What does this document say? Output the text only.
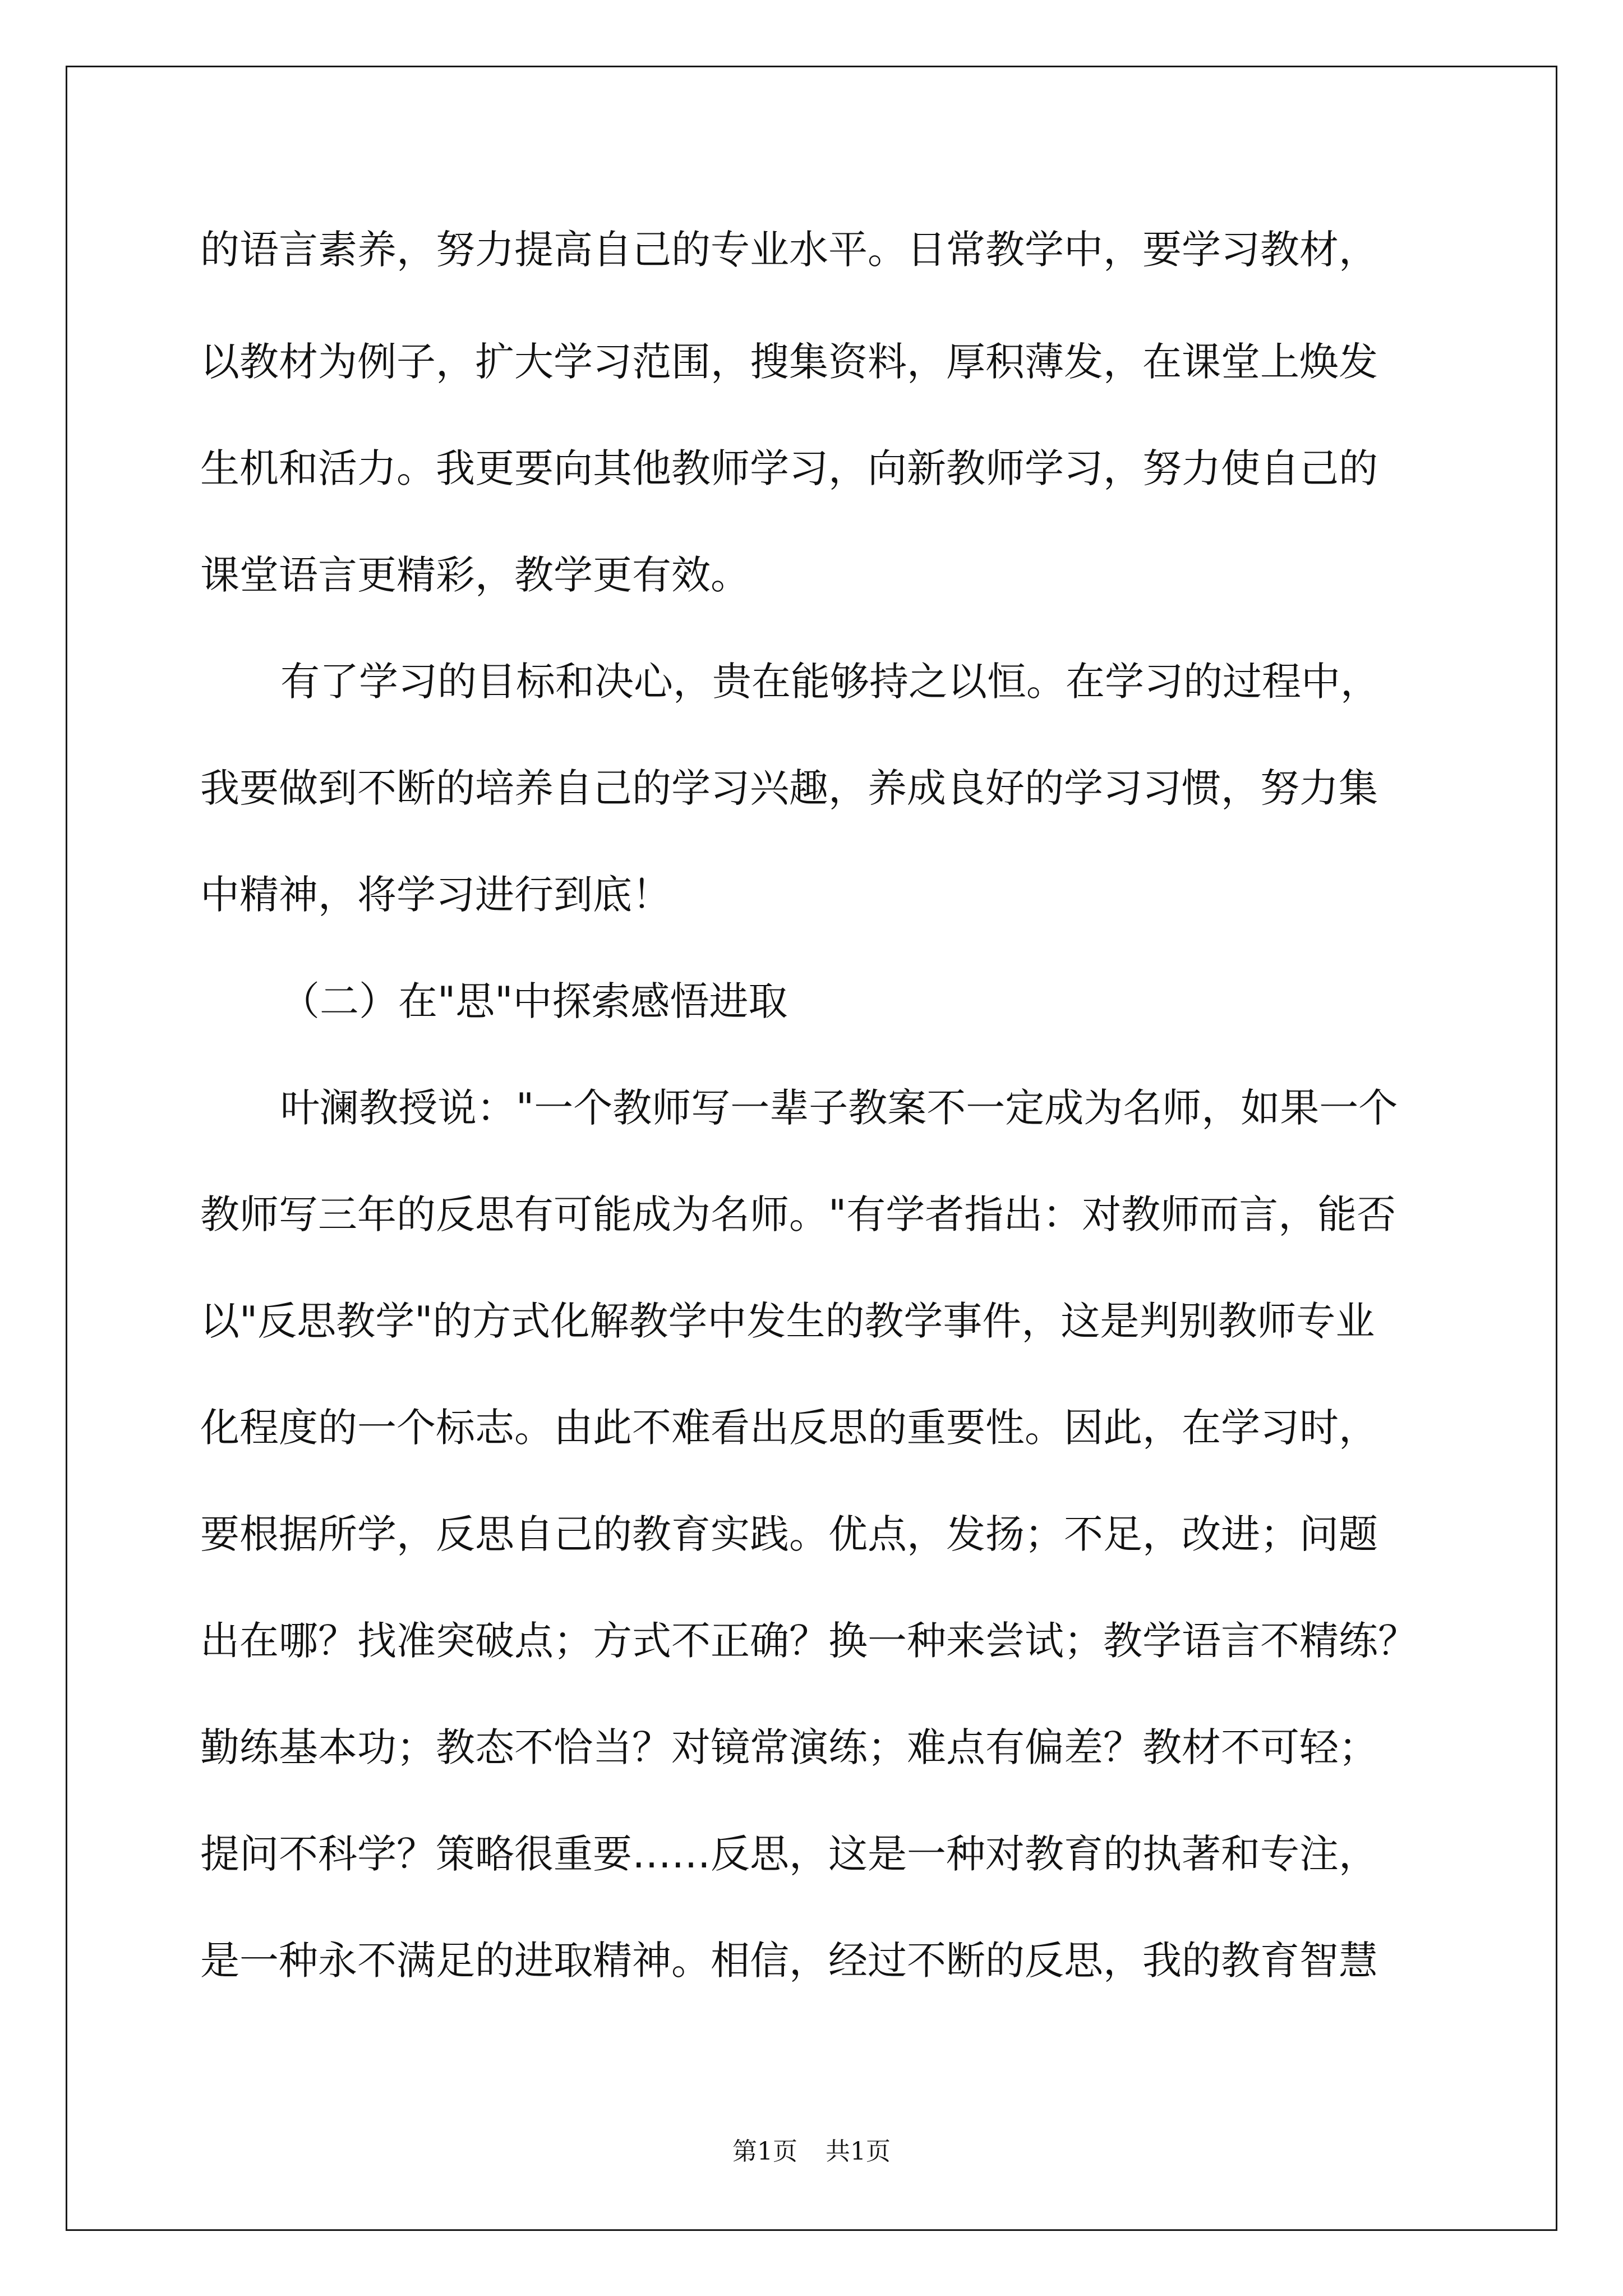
的语言素养，努力提高自己的专业水平。日常教学中，要学习教材，
以教材为例子，扩大学习范围，搜集资料，厚积薄发，在课堂上焕发
生机和活力。我更要向其他教师学习，向新教师学习，努力使自己的
课堂语言更精彩，教学更有效。
有了学习的目标和决心，贵在能够持之以恒。在学习的过程中，
我要做到不断的培养自己的学习兴趣，养成良好的学习习惯，努力集
中精神，将学习进行到底！
（二）在"思"中探索感悟进取
叶澜教授说："一个教师写一辈子教案不一定成为名师，如果一个
教师写三年的反思有可能成为名师。"有学者指出：对教师而言，能否
以"反思教学"的方式化解教学中发生的教学事件，这是判别教师专业
化程度的一个标志。由此不难看出反思的重要性。因此，在学习时，
要根据所学，反思自己的教育实践。优点，发扬；不足，改进；问题
出在哪？找准突破点；方式不正确？换一种来尝试；教学语言不精练？
勤练基本功；教态不恰当？对镜常演练；难点有偏差？教材不可轻；
提问不科学？策略很重要……反思，这是一种对教育的执著和专注，
是一种永不满足的进取精神。相信，经过不断的反思，我的教育智慧
第1页 共1页
